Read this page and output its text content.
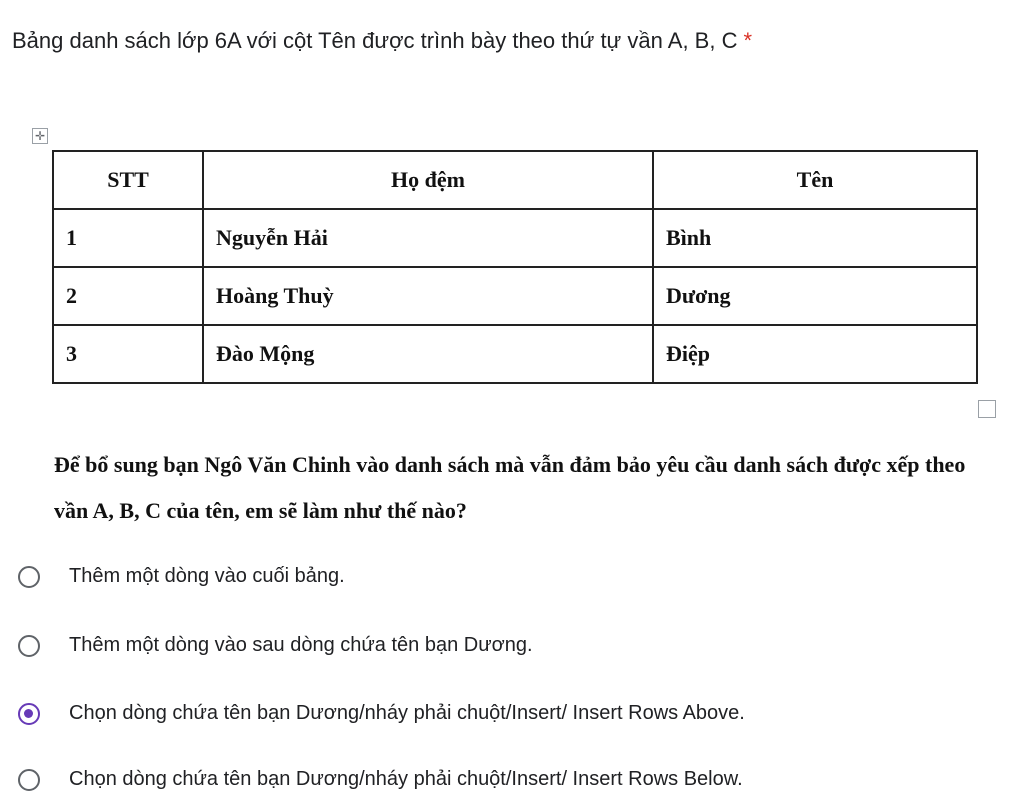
Bảng danh sách lớp 6A với cột Tên được trình bày theo thứ tự vần A, B, C *
✛
STT	Họ đệm	Tên
1	Nguyễn Hải	Bình
2	Hoàng Thuỳ	Dương
3	Đào Mộng	Điệp
Để bổ sung bạn Ngô Văn Chinh vào danh sách mà vẫn đảm bảo yêu cầu danh sách được xếp theo vần A, B, C của tên, em sẽ làm như thế nào?
Thêm một dòng vào cuối bảng.
Thêm một dòng vào sau dòng chứa tên bạn Dương.
Chọn dòng chứa tên bạn Dương/nháy phải chuột/Insert/ Insert Rows Above.
Chọn dòng chứa tên bạn Dương/nháy phải chuột/Insert/ Insert Rows Below.
